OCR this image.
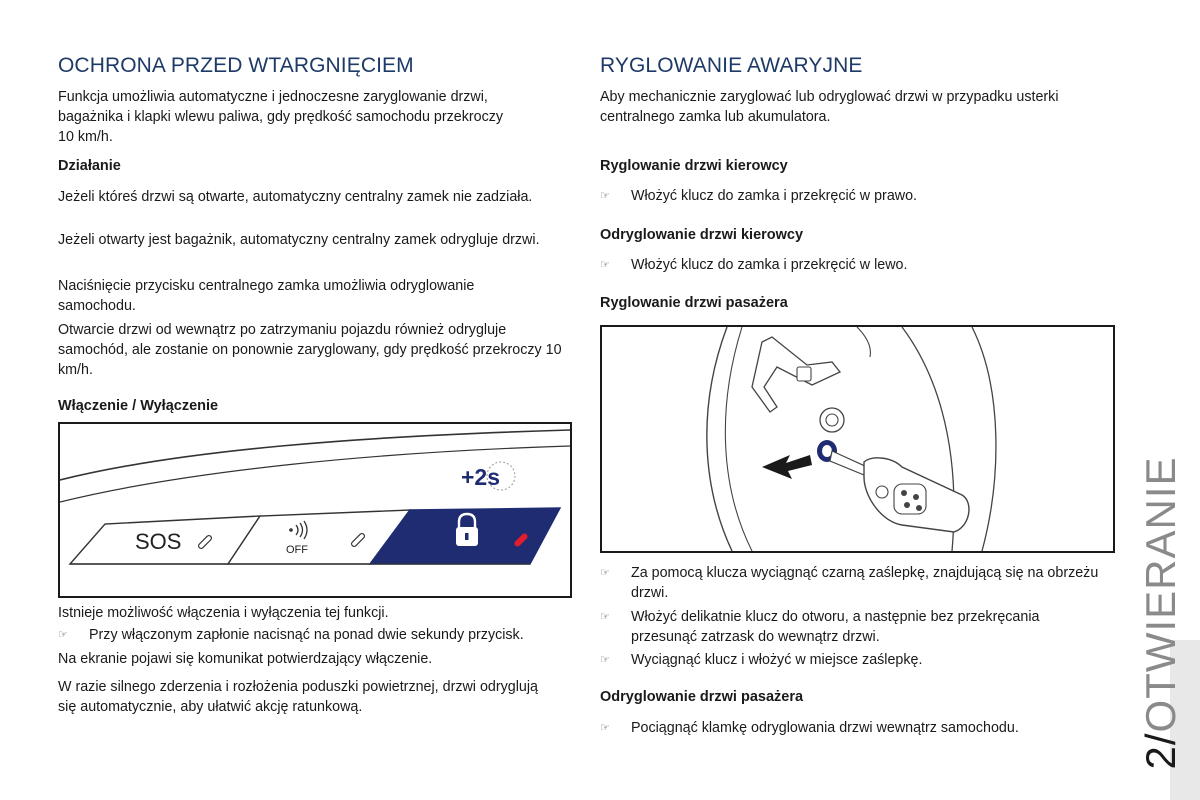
OCHRONA PRZED WTARGNIĘCIEM
Funkcja umożliwia automatyczne i jednoczesne zaryglowanie drzwi,
bagażnika i klapki wlewu paliwa, gdy prędkość samochodu przekroczy
10 km/h.
Działanie
Jeżeli któreś drzwi są otwarte, automatyczny centralny zamek nie zadziała.
Jeżeli otwarty jest bagażnik, automatyczny centralny zamek odrygluje drzwi.
Naciśnięcie przycisku centralnego zamka umożliwia odryglowanie samochodu.
Otwarcie drzwi od wewnątrz po zatrzymaniu pojazdu również odrygluje samochód, ale zostanie on ponownie zaryglowany, gdy prędkość przekroczy 10 km/h.
Włączenie / Wyłączenie
+2s
SOS	OFF
Istnieje możliwość włączenia i wyłączenia tej funkcji.
☞	Przy włączonym zapłonie nacisnąć na ponad dwie sekundy przycisk.
Na ekranie pojawi się komunikat potwierdzający włączenie.
W razie silnego zderzenia i rozłożenia poduszki powietrznej, drzwi odryglują się automatycznie, aby ułatwić akcję ratunkową.
RYGLOWANIE AWARYJNE
Aby mechanicznie zaryglować lub odryglować drzwi w przypadku usterki centralnego zamka lub akumulatora.
Ryglowanie drzwi kierowcy
☞	Włożyć klucz do zamka i przekręcić w prawo.
Odryglowanie drzwi kierowcy
☞	Włożyć klucz do zamka i przekręcić w lewo.
Ryglowanie drzwi pasażera
☞	Za pomocą klucza wyciągnąć czarną zaślepkę, znajdującą się na obrzeżu drzwi.
☞	Włożyć delikatnie klucz do otworu, a następnie bez przekręcania przesunąć zatrzask do wewnątrz drzwi.
☞	Wyciągnąć klucz i włożyć w miejsce zaślepkę.
Odryglowanie drzwi pasażera
☞	Pociągnąć klamkę odryglowania drzwi wewnątrz samochodu.
2/OTWIERANIE
